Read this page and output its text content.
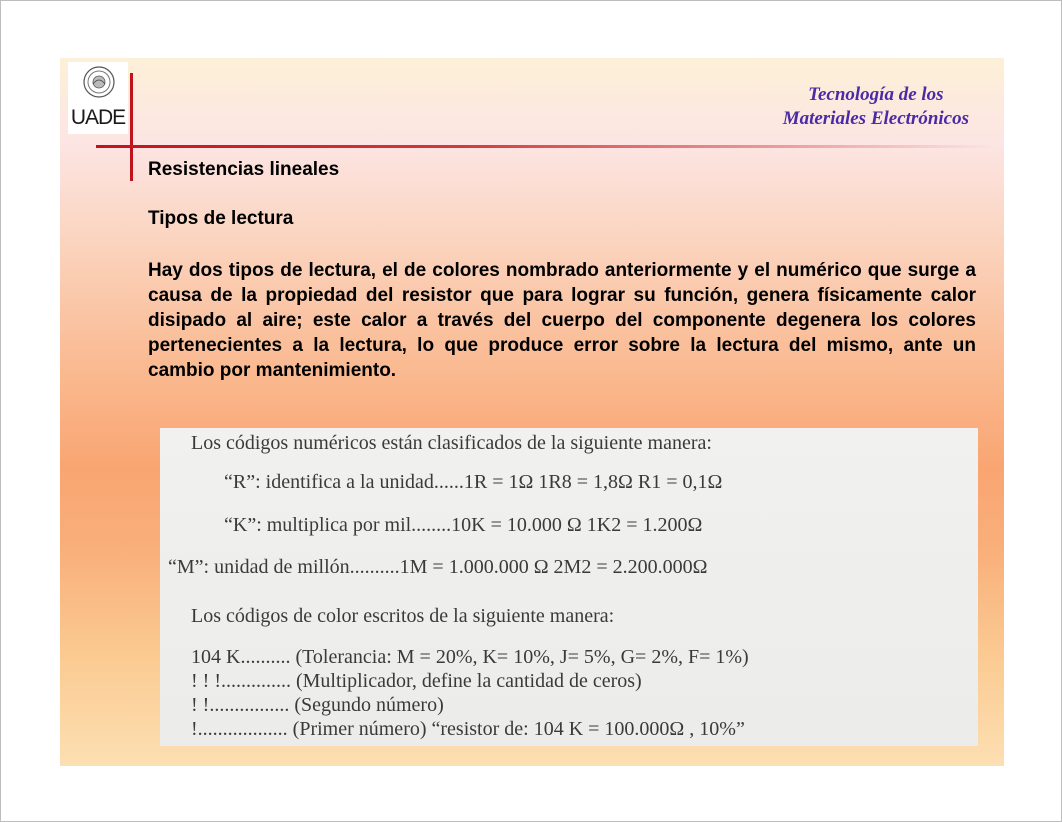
UADE
Tecnología de los
Materiales Electrónicos
Resistencias lineales
Tipos de lectura
Hay dos tipos de lectura, el de colores nombrado anteriormente y el numérico que surge a causa de la propiedad del resistor que para lograr su función, genera físicamente calor disipado al aire; este calor a través del cuerpo del componente degenera los colores pertenecientes a la lectura, lo que produce error sobre la lectura del mismo, ante un cambio por mantenimiento.
Los códigos numéricos están clasificados de la siguiente manera:
“R”: identifica a la unidad......1R = 1Ω 1R8 = 1,8Ω R1 = 0,1Ω
“K”: multiplica por mil........10K = 10.000 Ω 1K2 = 1.200Ω
“M”: unidad de millón..........1M = 1.000.000 Ω 2M2 = 2.200.000Ω
Los códigos de color escritos de la siguiente manera:
104 K.......... (Tolerancia: M = 20%, K= 10%, J= 5%, G= 2%, F= 1%)
! ! !.............. (Multiplicador, define la cantidad de ceros)
! !................ (Segundo número)
!.................. (Primer número) “resistor de: 104 K = 100.000Ω , 10%”
